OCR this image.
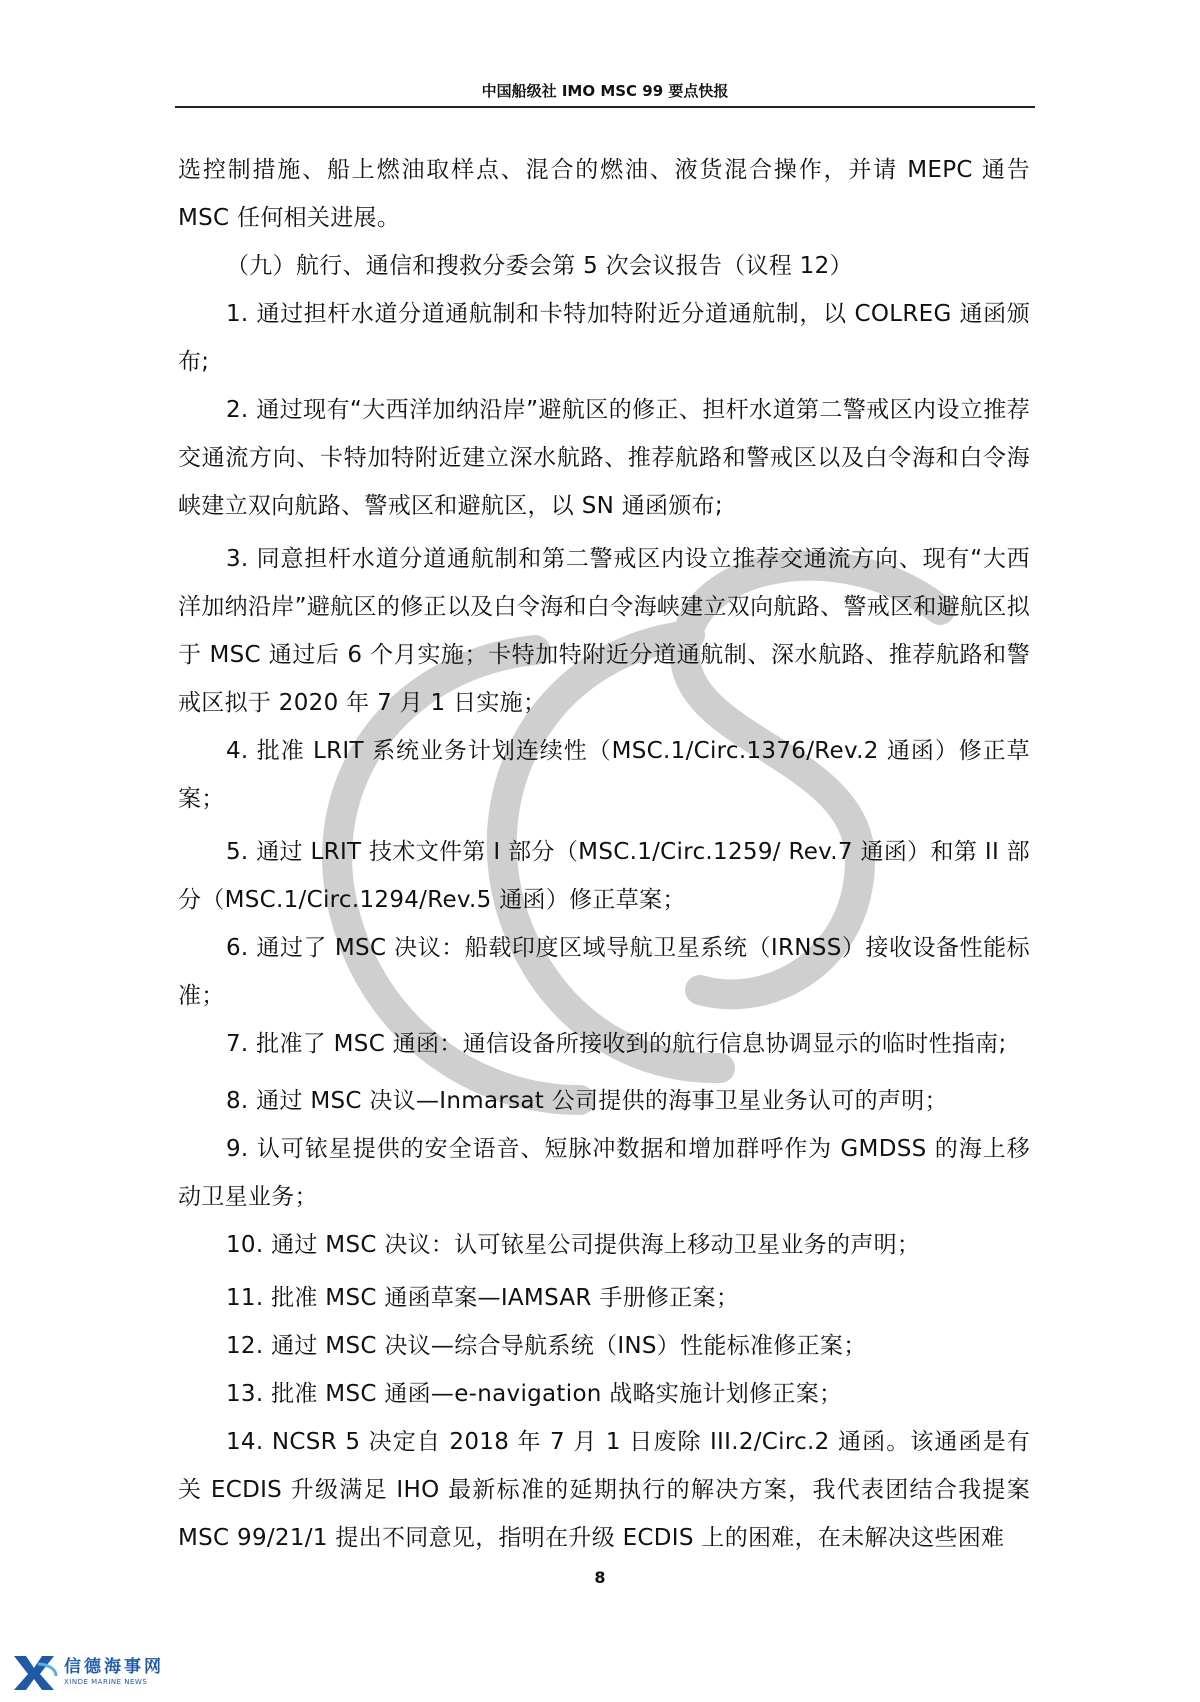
中国船级社 IMO MSC 99 要点快报

选控制措施、船上燃油取样点、混合的燃油、液货混合操作，并请 MEPC 通告 MSC 任何相关进展。

（九）航行、通信和搜救分委会第 5 次会议报告（议程 12）

1. 通过担杆水道分道通航制和卡特加特附近分道通航制，以 COLREG 通函颁布;

2. 通过现有“大西洋加纳沿岸”避航区的修正、担杆水道第二警戒区内设立推荐交通流方向、卡特加特附近建立深水航路、推荐航路和警戒区以及白令海和白令海峡建立双向航路、警戒区和避航区，以 SN 通函颁布;

3. 同意担杆水道分道通航制和第二警戒区内设立推荐交通流方向、现有“大西洋加纳沿岸”避航区的修正以及白令海和白令海峡建立双向航路、警戒区和避航区拟于 MSC 通过后 6 个月实施；卡特加特附近分道通航制、深水航路、推荐航路和警戒区拟于 2020 年 7 月 1 日实施；

4. 批准 LRIT 系统业务计划连续性（MSC.1/Circ.1376/Rev.2 通函）修正草案；

5. 通过 LRIT 技术文件第 I 部分（MSC.1/Circ.1259/ Rev.7 通函）和第 II 部分（MSC.1/Circ.1294/Rev.5 通函）修正草案；

6. 通过了 MSC 决议：船载印度区域导航卫星系统（IRNSS）接收设备性能标准；

7. 批准了 MSC 通函：通信设备所接收到的航行信息协调显示的临时性指南;

8. 通过 MSC 决议—Inmarsat 公司提供的海事卫星业务认可的声明；

9. 认可铱星提供的安全语音、短脉冲数据和增加群呼作为 GMDSS 的海上移动卫星业务；

10. 通过 MSC 决议：认可铱星公司提供海上移动卫星业务的声明；

11. 批准 MSC 通函草案—IAMSAR 手册修正案；

12. 通过 MSC 决议—综合导航系统（INS）性能标准修正案；

13. 批准 MSC 通函—e-navigation 战略实施计划修正案；

14. NCSR 5 决定自 2018 年 7 月 1 日废除 III.2/Circ.2 通函。该通函是有关 ECDIS 升级满足 IHO 最新标准的延期执行的解决方案，我代表团结合我提案 MSC 99/21/1 提出不同意见，指明在升级 ECDIS 上的困难，在未解决这些困难

8
信德海事网
XINDE MARINE NEWS
